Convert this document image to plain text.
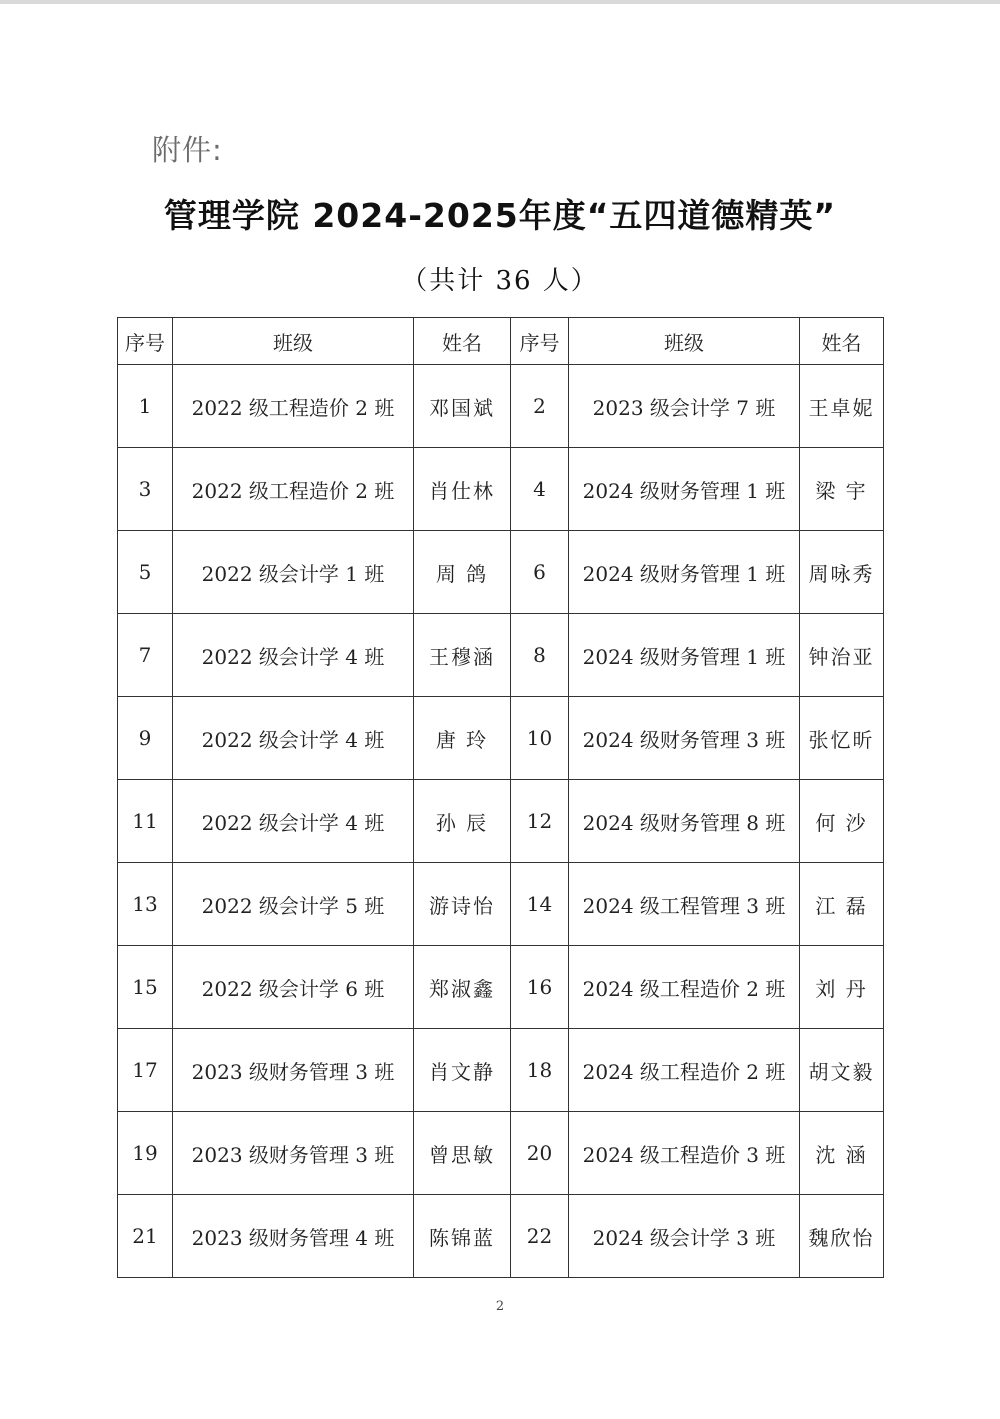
附件:
管理学院 2024-2025年度“五四道德精英”
（共计 36 人）
序号	班级	姓名	序号	班级	姓名
1	2022 级工程造价 2 班	邓国斌	2	2023 级会计学 7 班	王卓妮
3	2022 级工程造价 2 班	肖仕林	4	2024 级财务管理 1 班	梁 宇
5	2022 级会计学 1 班	周 鸽	6	2024 级财务管理 1 班	周咏秀
7	2022 级会计学 4 班	王穆涵	8	2024 级财务管理 1 班	钟治亚
9	2022 级会计学 4 班	唐 玲	10	2024 级财务管理 3 班	张忆昕
11	2022 级会计学 4 班	孙 辰	12	2024 级财务管理 8 班	何 沙
13	2022 级会计学 5 班	游诗怡	14	2024 级工程管理 3 班	江 磊
15	2022 级会计学 6 班	郑淑鑫	16	2024 级工程造价 2 班	刘 丹
17	2023 级财务管理 3 班	肖文静	18	2024 级工程造价 2 班	胡文毅
19	2023 级财务管理 3 班	曾思敏	20	2024 级工程造价 3 班	沈 涵
21	2023 级财务管理 4 班	陈锦蓝	22	2024 级会计学 3 班	魏欣怡
2
